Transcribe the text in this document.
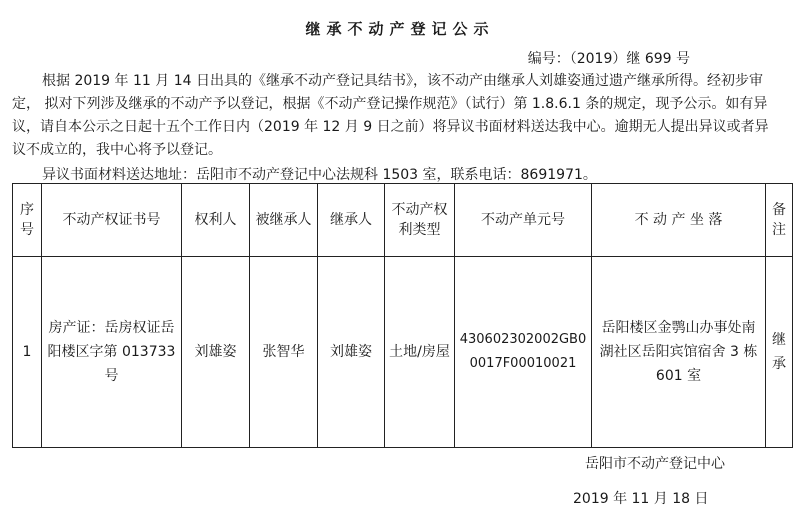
继承不动产登记公示
编号：（2019）继 699 号

根据 2019 年 11 月 14 日出具的《继承不动产登记具结书》，该不动产由继承人刘雄姿通过遗产继承所得。经初步审定， 拟对下列涉及继承的不动产予以登记，根据《不动产登记操作规范》（试行）第 1.8.6.1 条的规定，现予公示。如有异议，请自本公示之日起十五个工作日内（2019 年 12 月 9 日之前）将异议书面材料送达我中心。逾期无人提出异议或者异议不成立的，我中心将予以登记。

异议书面材料送达地址：岳阳市不动产登记中心法规科 1503 室，联系电话：8691971。
序号	不动产权证书号	权利人	被继承人	继承人	不动产权利类型	不动产单元号	不 动 产 坐 落	备注
1	房产证：岳房权证岳阳楼区字第 013733 号	刘雄姿	张智华	刘雄姿	土地/房屋	430602302002GB00017F00010021	岳阳楼区金鹗山办事处南湖社区岳阳宾馆宿舍 3 栋 601 室	继承
岳阳市不动产登记中心
2019 年 11 月 18 日
